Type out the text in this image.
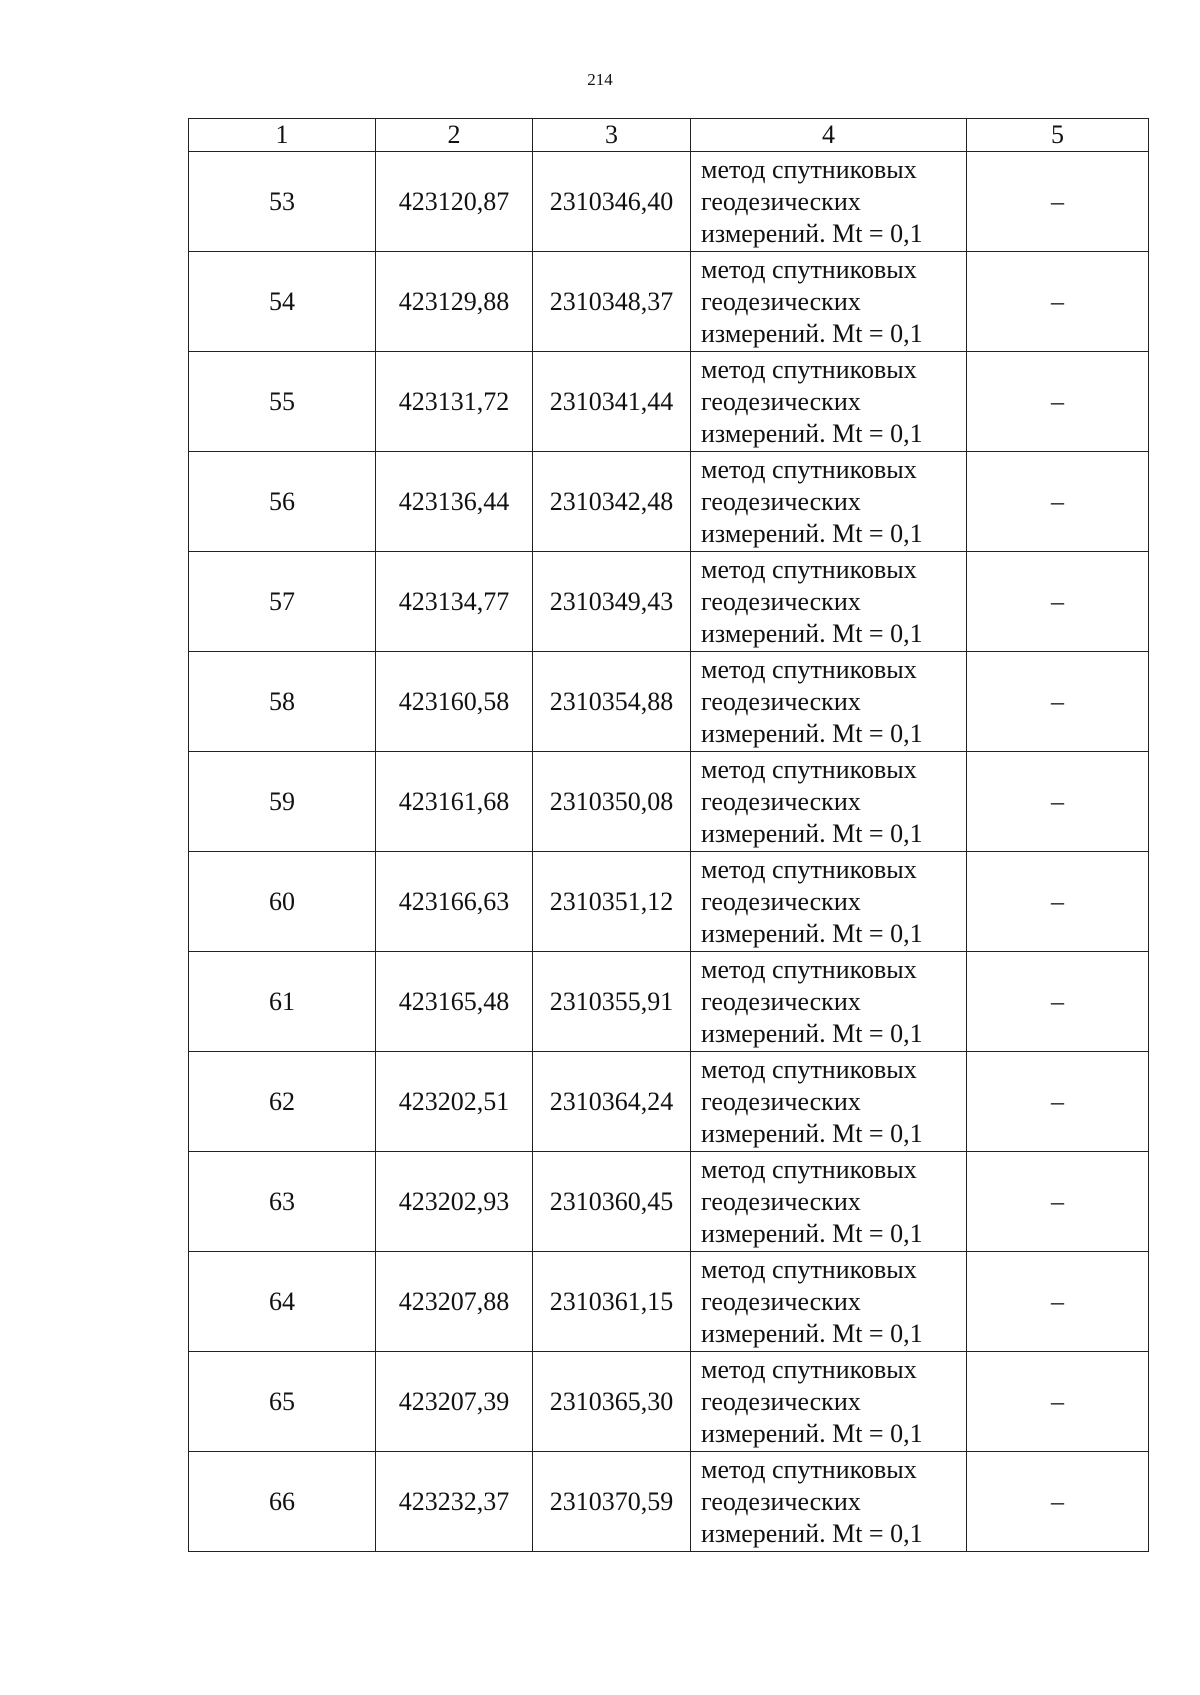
214
1	2	3	4	5
53	423120,87	2310346,40	метод спутниковых
геодезических
измерений. Mt = 0,1	–
54	423129,88	2310348,37	метод спутниковых
геодезических
измерений. Mt = 0,1	–
55	423131,72	2310341,44	метод спутниковых
геодезических
измерений. Mt = 0,1	–
56	423136,44	2310342,48	метод спутниковых
геодезических
измерений. Mt = 0,1	–
57	423134,77	2310349,43	метод спутниковых
геодезических
измерений. Mt = 0,1	–
58	423160,58	2310354,88	метод спутниковых
геодезических
измерений. Mt = 0,1	–
59	423161,68	2310350,08	метод спутниковых
геодезических
измерений. Mt = 0,1	–
60	423166,63	2310351,12	метод спутниковых
геодезических
измерений. Mt = 0,1	–
61	423165,48	2310355,91	метод спутниковых
геодезических
измерений. Mt = 0,1	–
62	423202,51	2310364,24	метод спутниковых
геодезических
измерений. Mt = 0,1	–
63	423202,93	2310360,45	метод спутниковых
геодезических
измерений. Mt = 0,1	–
64	423207,88	2310361,15	метод спутниковых
геодезических
измерений. Mt = 0,1	–
65	423207,39	2310365,30	метод спутниковых
геодезических
измерений. Mt = 0,1	–
66	423232,37	2310370,59	метод спутниковых
геодезических
измерений. Mt = 0,1	–
